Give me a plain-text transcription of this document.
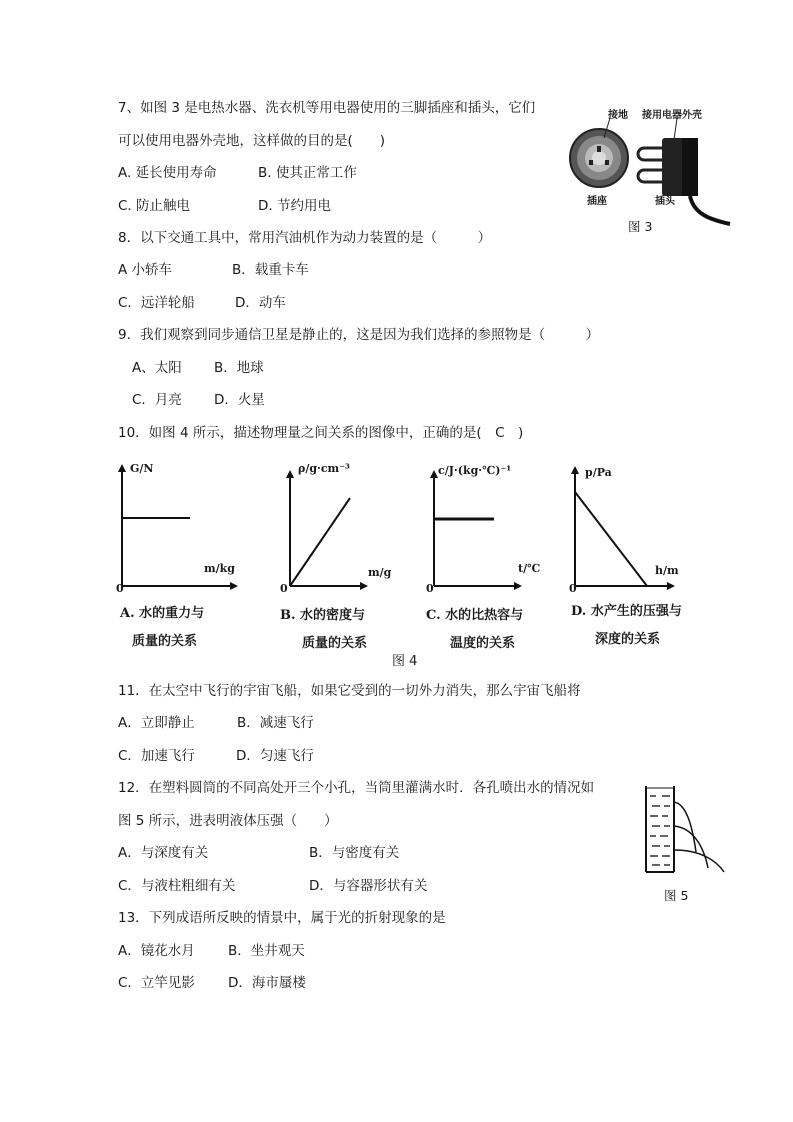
7、如图 3 是电热水器、洗衣机等用电器使用的三脚插座和插头，它们
可以使用电器外壳地，这样做的目的是(　　)
A. 延长使用寿命	B. 使其正常工作
C. 防止触电	D. 节约用电
接地 接用电器外壳
插座	插头
图 3
8．以下交通工具中，常用汽油机作为动力装置的是（　　　）
A 小轿车	B．载重卡车
C．远洋轮船	D．动车
9．我们观察到同步通信卫星是静止的，这是因为我们选择的参照物是（　　　）
A、太阳 B．地球
C．月亮 D．火星
10．如图 4 所示，描述物理量之间关系的图像中，正确的是(　C　)
G/N
m/kg
0
A. 水的重力与
质量的关系
ρ/g·cm⁻³
m/g
0
B. 水的密度与
质量的关系
c/J·(kg·℃)⁻¹
t/℃
0
C. 水的比热容与
温度的关系
p/Pa
h/m
0
D. 水产生的压强与
深度的关系
图 4
11．在太空中飞行的宇宙飞船，如果它受到的一切外力消失，那么宇宙飞船将
A．立即静止	B．减速飞行
C．加速飞行	D．匀速飞行
12．在塑料圆筒的不同高处开三个小孔，当筒里灌满水时．各孔喷出水的情况如
图 5 所示，进表明液体压强（　　）
A．与深度有关	B．与密度有关
C．与液柱粗细有关	D．与容器形状有关
图 5
13．下列成语所反映的情景中，属于光的折射现象的是
A．镜花水月 B．坐井观天
C．立竿见影 D．海市蜃楼
